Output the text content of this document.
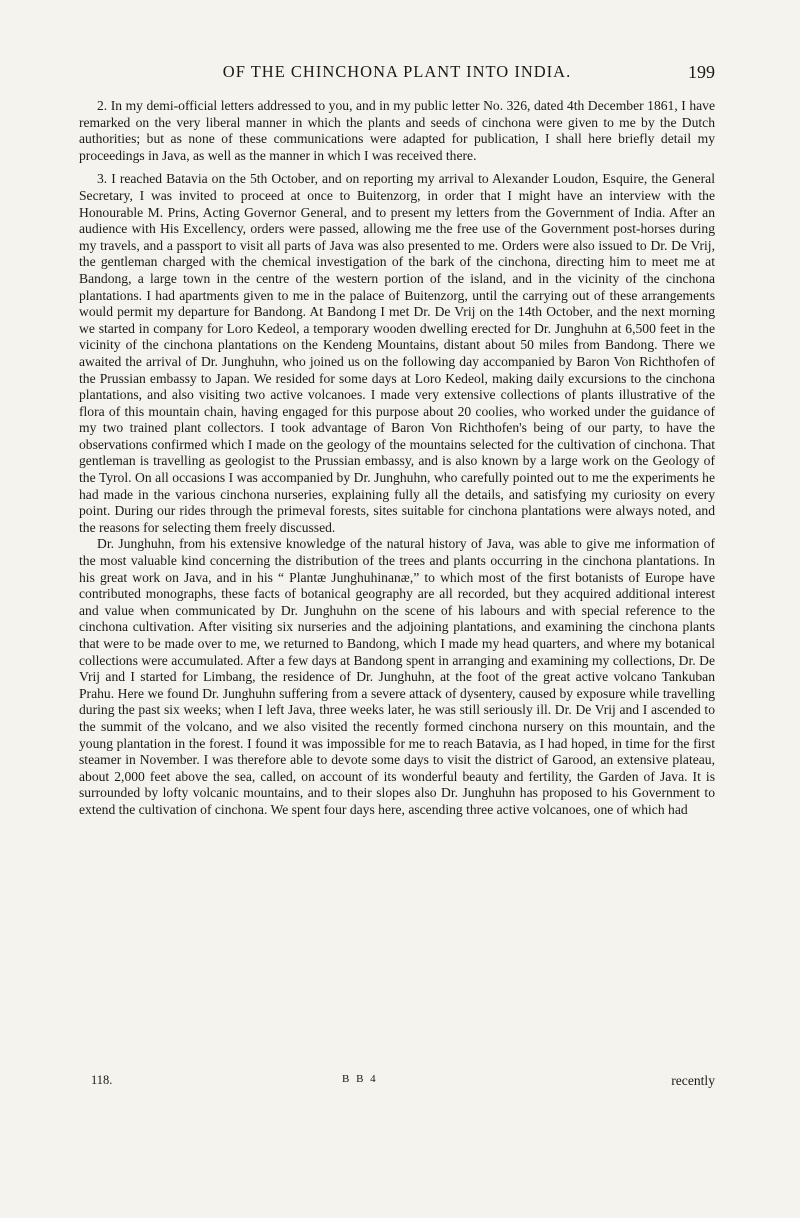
OF THE CHINCHONA PLANT INTO INDIA.	199

2. In my demi-official letters addressed to you, and in my public letter No. 326, dated 4th December 1861, I have remarked on the very liberal manner in which the plants and seeds of cinchona were given to me by the Dutch authorities; but as none of these communications were adapted for publication, I shall here briefly detail my proceedings in Java, as well as the manner in which I was received there.

3. I reached Batavia on the 5th October, and on reporting my arrival to Alexander Loudon, Esquire, the General Secretary, I was invited to proceed at once to Buitenzorg, in order that I might have an interview with the Honourable M. Prins, Acting Governor General, and to present my letters from the Government of India. After an audience with His Excellency, orders were passed, allowing me the free use of the Government post-horses during my travels, and a passport to visit all parts of Java was also presented to me. Orders were also issued to Dr. De Vrij, the gentleman charged with the chemical investigation of the bark of the cinchona, directing him to meet me at Bandong, a large town in the centre of the western portion of the island, and in the vicinity of the cinchona plantations. I had apartments given to me in the palace of Buitenzorg, until the carrying out of these arrangements would permit my departure for Bandong. At Bandong I met Dr. De Vrij on the 14th October, and the next morning we started in company for Loro Kedeol, a temporary wooden dwelling erected for Dr. Junghuhn at 6,500 feet in the vicinity of the cinchona plantations on the Kendeng Mountains, distant about 50 miles from Bandong. There we awaited the arrival of Dr. Junghuhn, who joined us on the following day accompanied by Baron Von Richthofen of the Prussian embassy to Japan. We resided for some days at Loro Kedeol, making daily excursions to the cinchona plantations, and also visiting two active volcanoes. I made very extensive collections of plants illustrative of the flora of this mountain chain, having engaged for this purpose about 20 coolies, who worked under the guidance of my two trained plant collectors. I took advantage of Baron Von Richthofen's being of our party, to have the observations confirmed which I made on the geology of the mountains selected for the cultivation of cinchona. That gentleman is travelling as geologist to the Prussian embassy, and is also known by a large work on the Geology of the Tyrol. On all occasions I was accompanied by Dr. Junghuhn, who carefully pointed out to me the experiments he had made in the various cinchona nurseries, explaining fully all the details, and satisfying my curiosity on every point. During our rides through the primeval forests, sites suitable for cinchona plantations were always noted, and the reasons for selecting them freely discussed.

Dr. Junghuhn, from his extensive knowledge of the natural history of Java, was able to give me information of the most valuable kind concerning the distribution of the trees and plants occurring in the cinchona plantations. In his great work on Java, and in his “ Plantæ Junghuhinanæ,” to which most of the first botanists of Europe have contributed monographs, these facts of botanical geography are all recorded, but they acquired additional interest and value when communicated by Dr. Junghuhn on the scene of his labours and with special reference to the cinchona cultivation. After visiting six nurseries and the adjoining plantations, and examining the cinchona plants that were to be made over to me, we returned to Bandong, which I made my head quarters, and where my botanical collections were accumulated. After a few days at Bandong spent in arranging and examining my collections, Dr. De Vrij and I started for Limbang, the residence of Dr. Junghuhn, at the foot of the great active volcano Tankuban Prahu. Here we found Dr. Junghuhn suffering from a severe attack of dysentery, caused by exposure while travelling during the past six weeks; when I left Java, three weeks later, he was still seriously ill. Dr. De Vrij and I ascended to the summit of the volcano, and we also visited the recently formed cinchona nursery on this mountain, and the young plantation in the forest. I found it was impossible for me to reach Batavia, as I had hoped, in time for the first steamer in November. I was therefore able to devote some days to visit the district of Garood, an extensive plateau, about 2,000 feet above the sea, called, on account of its wonderful beauty and fertility, the Garden of Java. It is surrounded by lofty volcanic mountains, and to their slopes also Dr. Junghuhn has proposed to his Government to extend the cultivation of cinchona. We spent four days here, ascending three active volcanoes, one of which had

118.	B B 4	recently
